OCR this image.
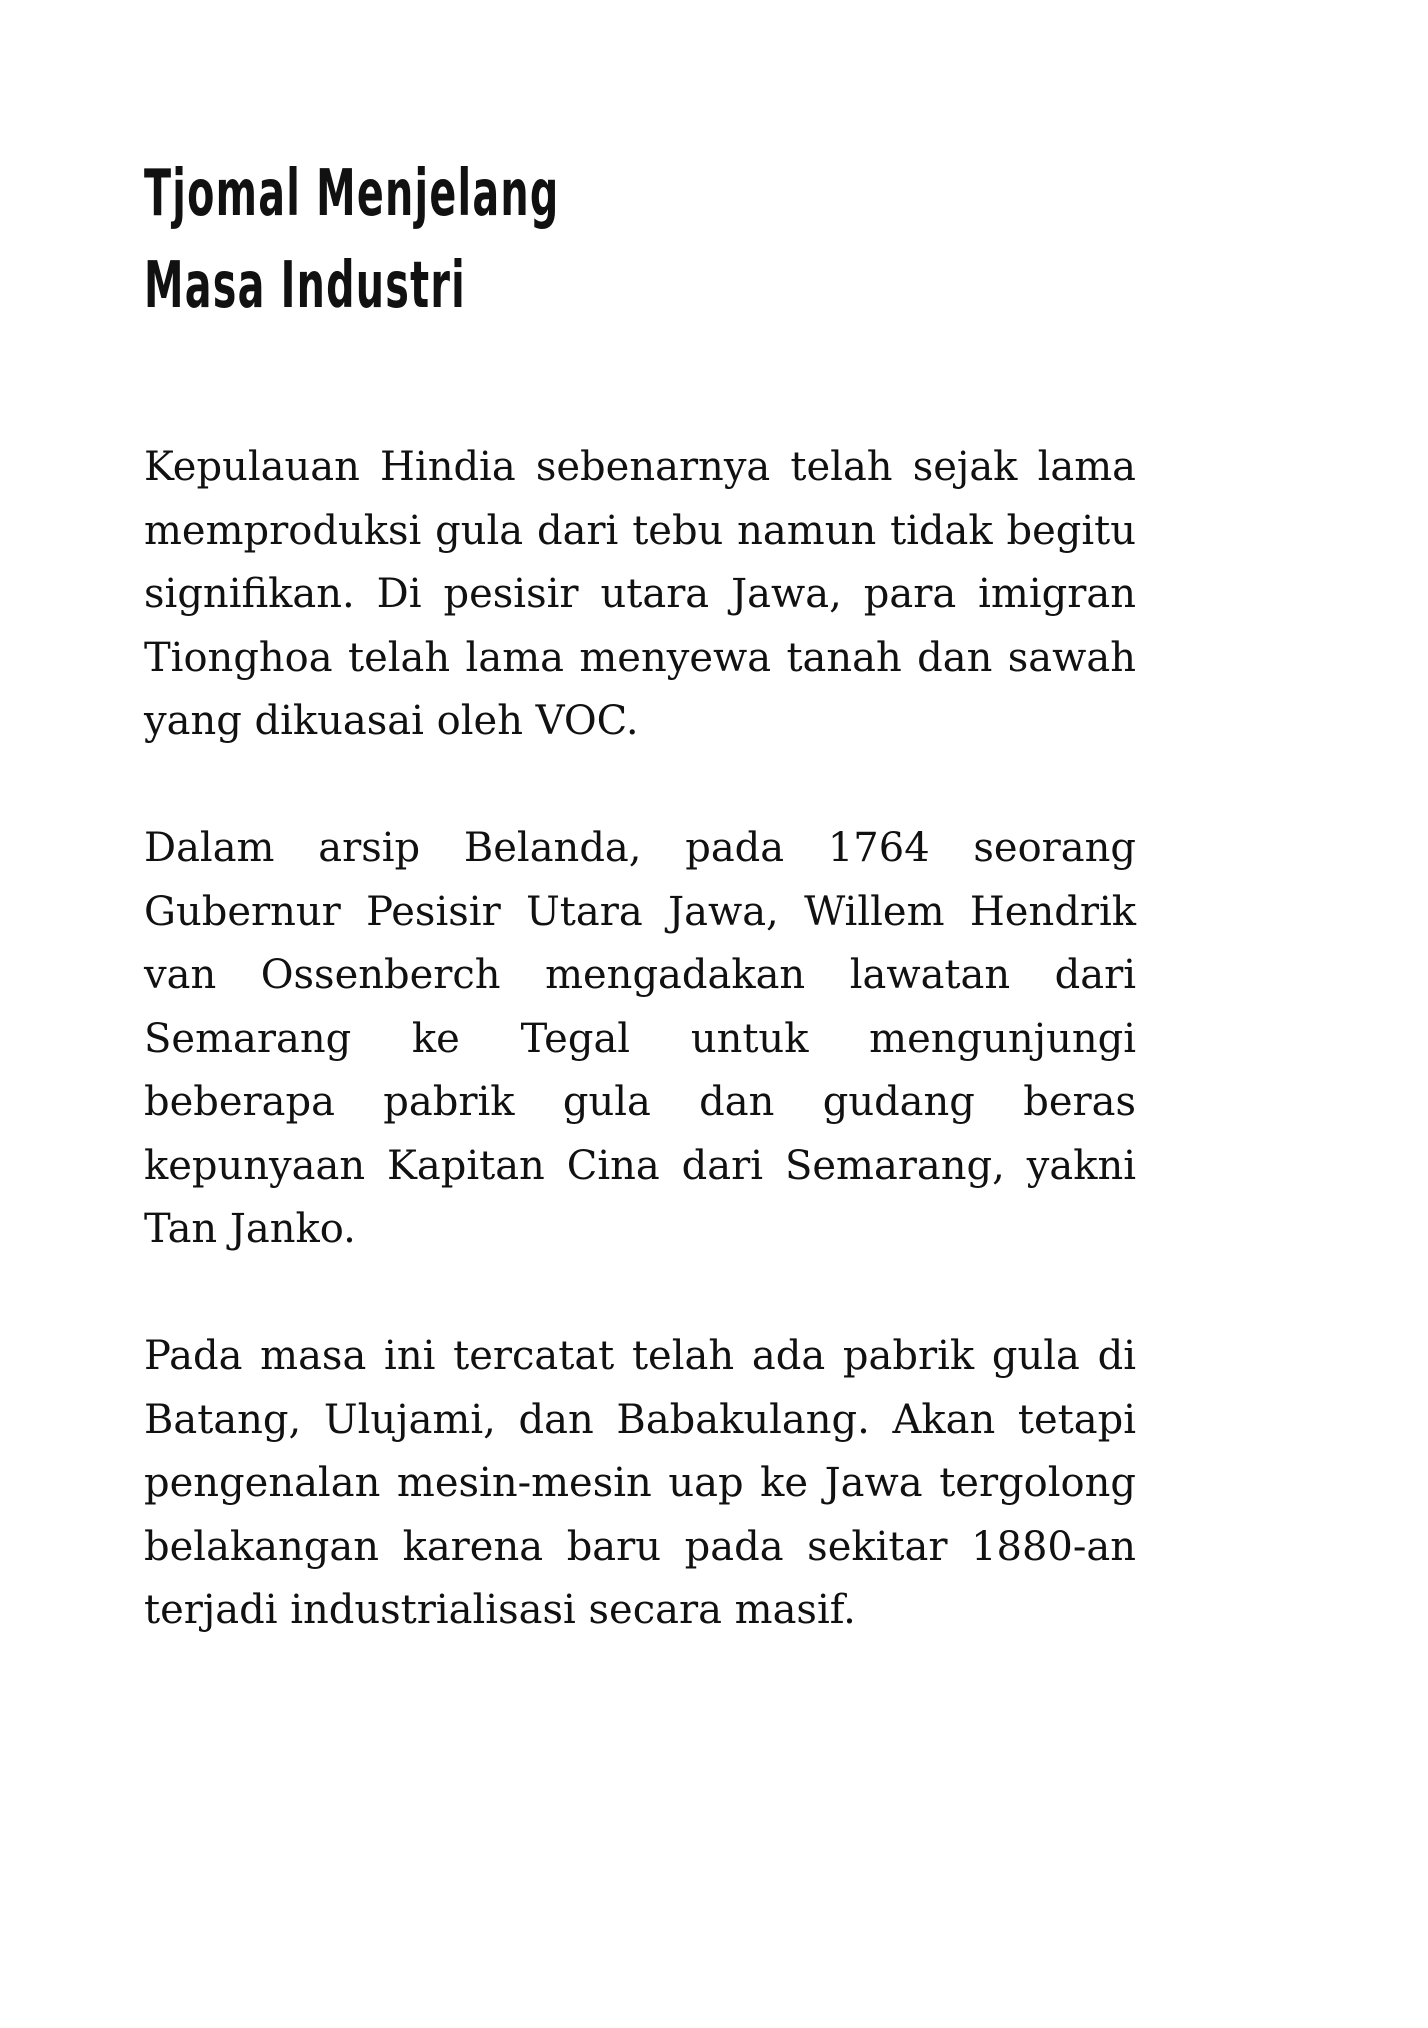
Tjomal Menjelang
Masa Industri

Kepulauan Hindia sebenarnya telah sejak lama memproduksi gula dari tebu namun tidak begitu signifikan. Di pesisir utara Jawa, para imigran Tionghoa telah lama menyewa tanah dan sawah yang dikuasai oleh VOC.

Dalam arsip Belanda, pada 1764 seorang Gubernur Pesisir Utara Jawa, Willem Hendrik van Ossenberch mengadakan lawatan dari Semarang ke Tegal untuk mengunjungi beberapa pabrik gula dan gudang beras kepunyaan Kapitan Cina dari Semarang, yakni Tan Janko.

Pada masa ini tercatat telah ada pabrik gula di Batang, Ulujami, dan Babakulang. Akan tetapi pengenalan mesin-mesin uap ke Jawa tergolong belakangan karena baru pada sekitar 1880-an terjadi industrialisasi secara masif.
